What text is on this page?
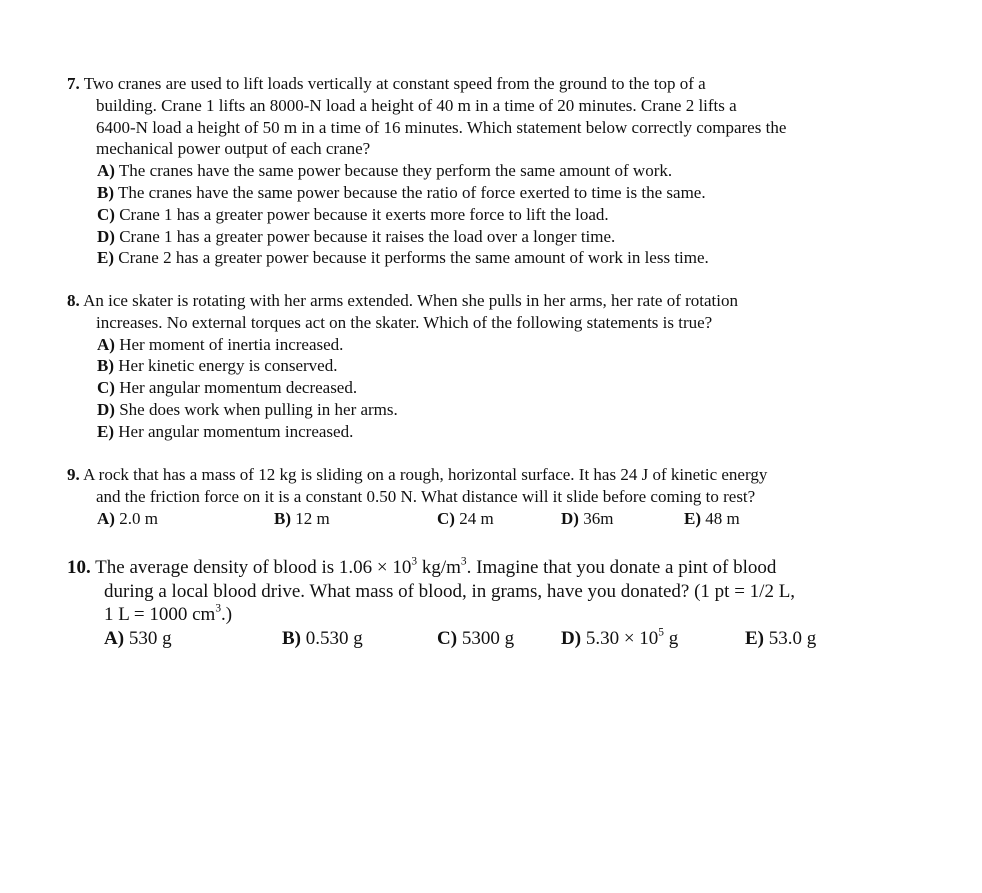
7. Two cranes are used to lift loads vertically at constant speed from the ground to the top of a
building. Crane 1 lifts an 8000-N load a height of 40 m in a time of 20 minutes. Crane 2 lifts a
6400-N load a height of 50 m in a time of 16 minutes. Which statement below correctly compares the
mechanical power output of each crane?
A) The cranes have the same power because they perform the same amount of work.
B) The cranes have the same power because the ratio of force exerted to time is the same.
C) Crane 1 has a greater power because it exerts more force to lift the load.
D) Crane 1 has a greater power because it raises the load over a longer time.
E) Crane 2 has a greater power because it performs the same amount of work in less time.
8. An ice skater is rotating with her arms extended. When she pulls in her arms, her rate of rotation
increases. No external torques act on the skater. Which of the following statements is true?
A) Her moment of inertia increased.
B) Her kinetic energy is conserved.
C) Her angular momentum decreased.
D) She does work when pulling in her arms.
E) Her angular momentum increased.
9. A rock that has a mass of 12 kg is sliding on a rough, horizontal surface. It has 24 J of kinetic energy
and the friction force on it is a constant 0.50 N. What distance will it slide before coming to rest?
A) 2.0 m	B) 12 m	C) 24 m	D) 36m	E) 48 m
10. The average density of blood is $1.06 \times 10^3$ $kg/m^3$. Imagine that you donate a pint of blood
during a local blood drive. What mass of blood, in grams, have you donated? (1 pt = 1/2 L,
1 L = 1000 $cm^3$.)
A) 530 g	B) 0.530 g	C) 5300 g D) $5.30 \times 10^5$ g	E) 53.0 g
